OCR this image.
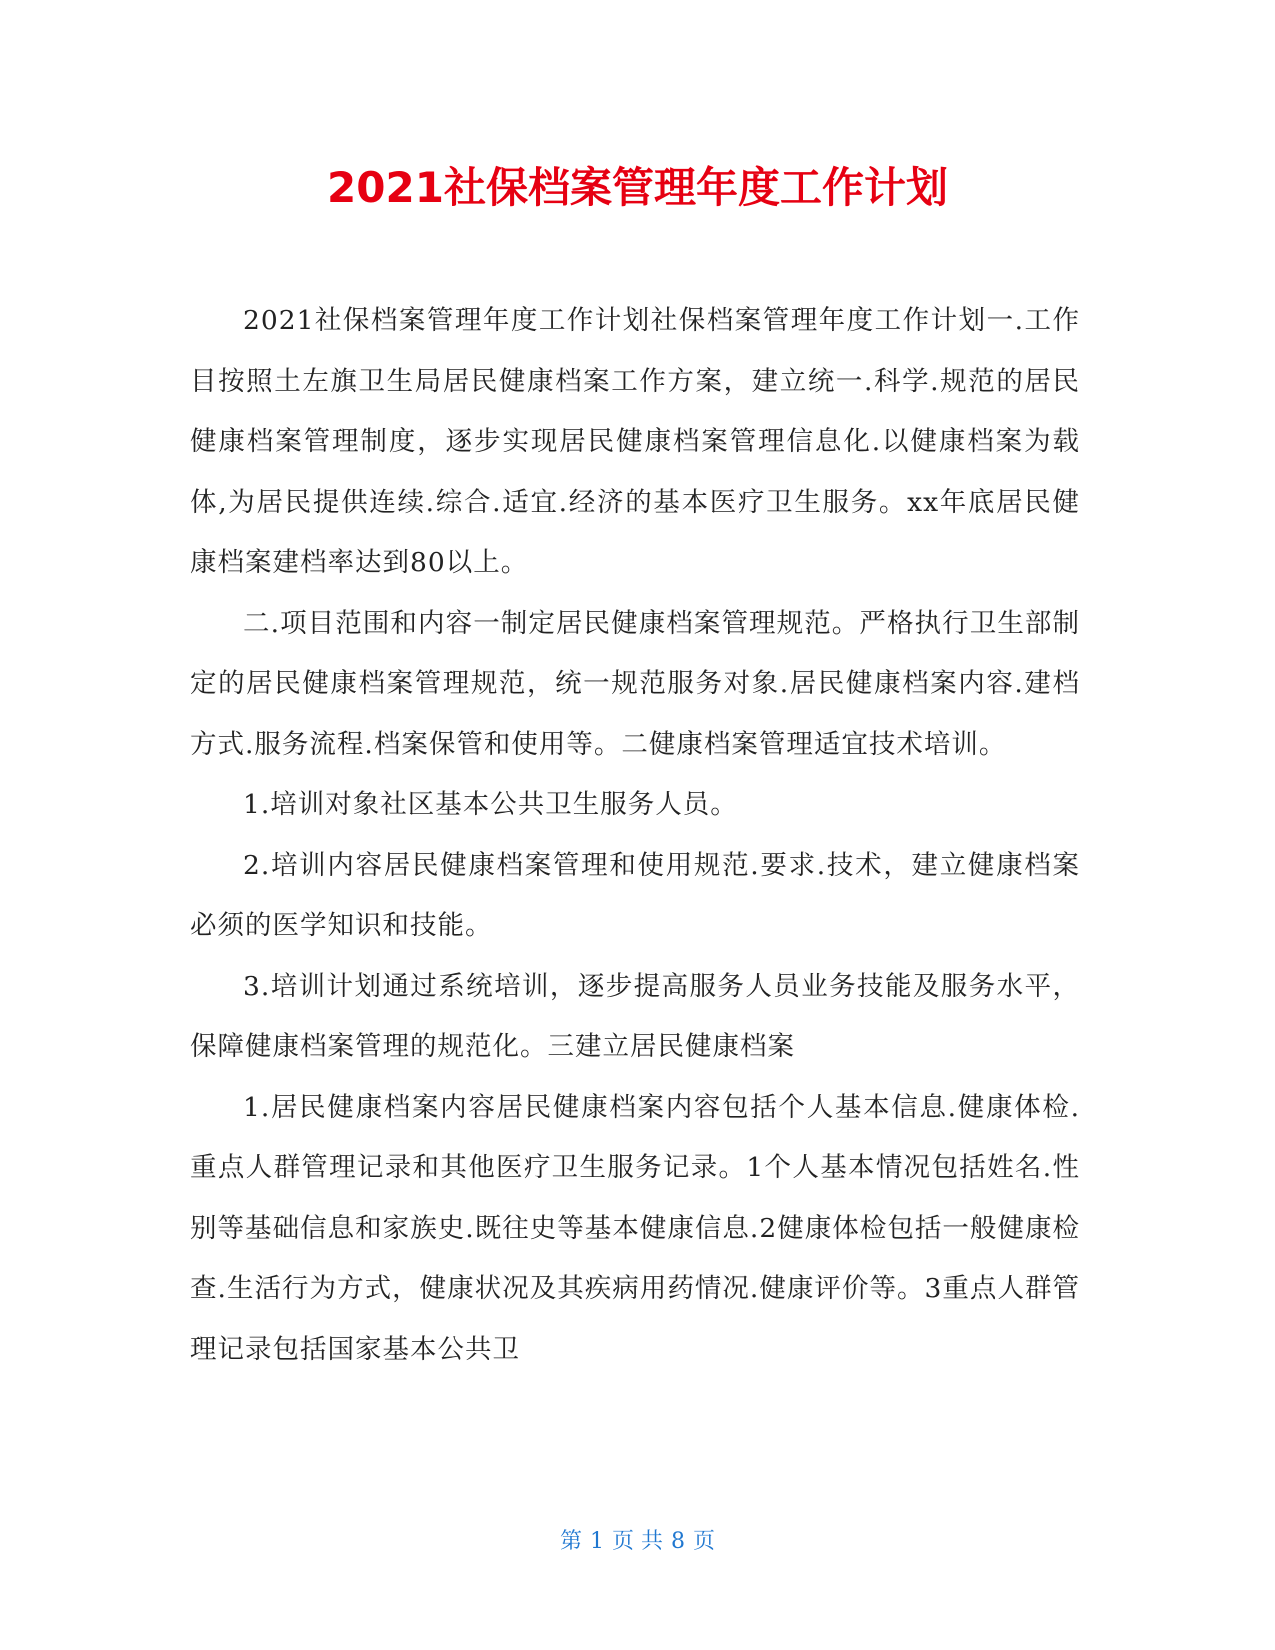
2021社保档案管理年度工作计划

2021社保档案管理年度工作计划社保档案管理年度工作计划一.工作目按照土左旗卫生局居民健康档案工作方案，建立统一.科学.规范的居民健康档案管理制度，逐步实现居民健康档案管理信息化.以健康档案为载体,为居民提供连续.综合.适宜.经济的基本医疗卫生服务。xx年底居民健康档案建档率达到80以上。

二.项目范围和内容一制定居民健康档案管理规范。严格执行卫生部制定的居民健康档案管理规范，统一规范服务对象.居民健康档案内容.建档方式.服务流程.档案保管和使用等。二健康档案管理适宜技术培训。

1.培训对象社区基本公共卫生服务人员。

2.培训内容居民健康档案管理和使用规范.要求.技术，建立健康档案必须的医学知识和技能。

3.培训计划通过系统培训，逐步提高服务人员业务技能及服务水平，保障健康档案管理的规范化。三建立居民健康档案

1.居民健康档案内容居民健康档案内容包括个人基本信息.健康体检.重点人群管理记录和其他医疗卫生服务记录。1个人基本情况包括姓名.性别等基础信息和家族史.既往史等基本健康信息.2健康体检包括一般健康检查.生活行为方式，健康状况及其疾病用药情况.健康评价等。3重点人群管理记录包括国家基本公共卫

第 1 页 共 8 页
